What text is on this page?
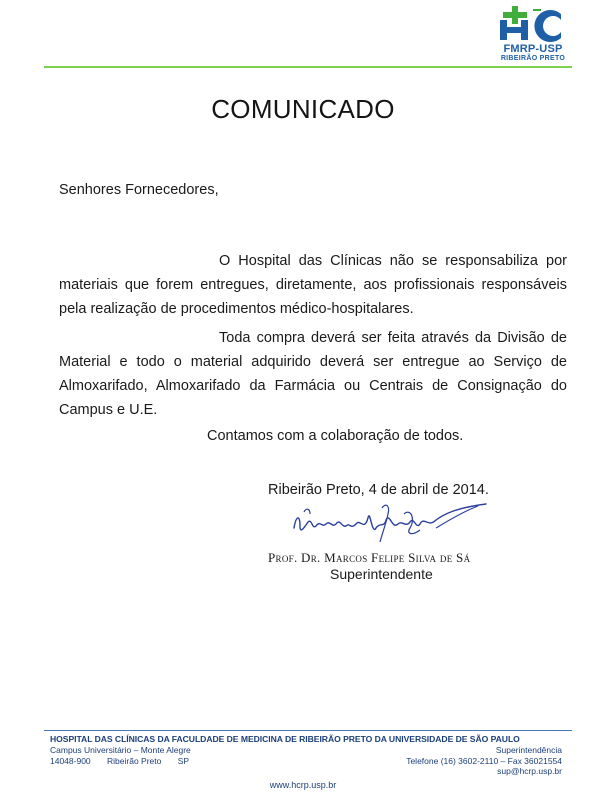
FMRP-USP
RIBEIRÃO PRETO
COMUNICADO
Senhores Fornecedores,

O Hospital das Clínicas não se responsabiliza por materiais que forem entregues, diretamente, aos profissionais responsáveis pela realização de procedimentos médico-hospitalares.

Toda compra deverá ser feita através da Divisão de Material e todo o material adquirido deverá ser entregue ao Serviço de Almoxarifado, Almoxarifado da Farmácia ou Centrais de Consignação do Campus e U.E.

Contamos com a colaboração de todos.
Ribeirão Preto, 4 de abril de 2014.
Prof. Dr. Marcos Felipe Silva de Sá
Superintendente
HOSPITAL DAS CLÍNICAS DA FACULDADE DE MEDICINA DE RIBEIRÃO PRETO DA UNIVERSIDADE DE SÃO PAULO
Campus Universitário – Monte Alegre
14048-900 Ribeirão Preto SP
Superintendência
Telefone (16) 3602-2110 – Fax 36021554
sup@hcrp.usp.br
www.hcrp.usp.br
